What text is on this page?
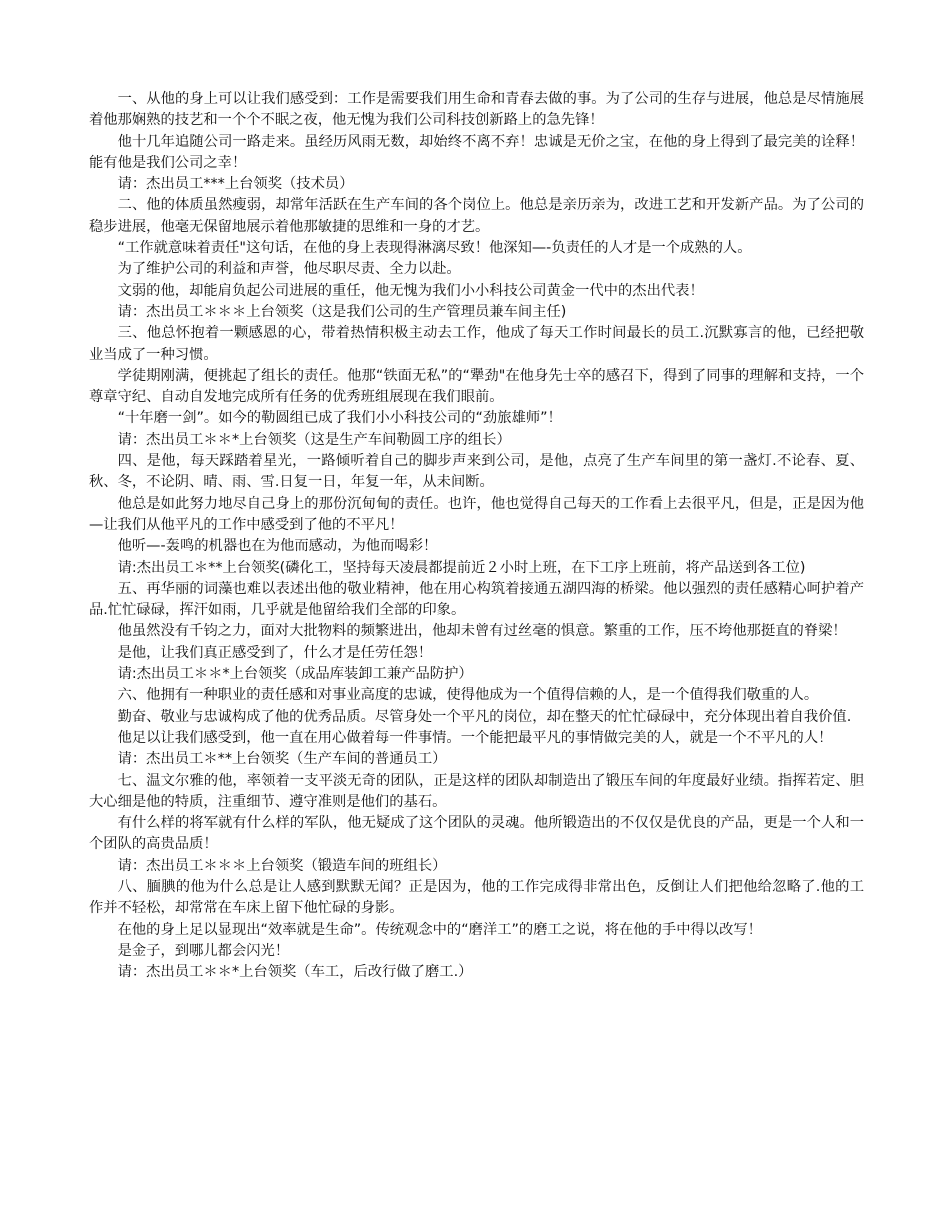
一、从他的身上可以让我们感受到：工作是需要我们用生命和青春去做的事。为了公司的生存与进展，他总是尽情施展着他那娴熟的技艺和一个个不眠之夜，他无愧为我们公司科技创新路上的急先锋！

他十几年追随公司一路走来。虽经历风雨无数，却始终不离不弃！忠诚是无价之宝，在他的身上得到了最完美的诠释！能有他是我们公司之幸！

请：杰出员工***上台领奖（技术员）

二、他的体质虽然瘦弱，却常年活跃在生产车间的各个岗位上。他总是亲历亲为，改进工艺和开发新产品。为了公司的稳步进展，他毫无保留地展示着他那敏捷的思维和一身的才艺。

“工作就意味着责任"这句话，在他的身上表现得淋漓尽致！他深知—-负责任的人才是一个成熟的人。

为了维护公司的利益和声誉，他尽职尽责、全力以赴。

文弱的他，却能肩负起公司进展的重任，他无愧为我们小小科技公司黄金一代中的杰出代表！

请：杰出员工＊＊＊上台领奖（这是我们公司的生产管理员兼车间主任)

三、他总怀抱着一颗感恩的心，带着热情积极主动去工作，他成了每天工作时间最长的员工.沉默寡言的他，已经把敬业当成了一种习惯。

学徒期刚满，便挑起了组长的责任。他那“铁面无私”的“犟劲"在他身先士卒的感召下，得到了同事的理解和支持，一个尊章守纪、自动自发地完成所有任务的优秀班组展现在我们眼前。

“十年磨一剑”。如今的勒圆组已成了我们小小科技公司的“劲旅雄师”！

请：杰出员工＊＊*上台领奖（这是生产车间勒圆工序的组长）

四、是他，每天踩踏着星光，一路倾听着自己的脚步声来到公司，是他，点亮了生产车间里的第一盏灯.不论春、夏、秋、冬，不论阴、晴、雨、雪.日复一日，年复一年，从未间断。

他总是如此努力地尽自己身上的那份沉甸甸的责任。也许，他也觉得自己每天的工作看上去很平凡，但是，正是因为他—让我们从他平凡的工作中感受到了他的不平凡！

他听—-轰鸣的机器也在为他而感动，为他而喝彩！

请:杰出员工＊**上台领奖(磷化工，坚持每天凌晨都提前近２小时上班，在下工序上班前，将产品送到各工位)

五、再华丽的词藻也难以表述出他的敬业精神，他在用心构筑着接通五湖四海的桥梁。他以强烈的责任感精心呵护着产品.忙忙碌碌，挥汗如雨，几乎就是他留给我们全部的印象。

他虽然没有千钧之力，面对大批物料的频繁进出，他却未曾有过丝毫的惧意。繁重的工作，压不垮他那挺直的脊梁！

是他，让我们真正感受到了，什么才是任劳任怨！

请:杰出员工＊＊*上台领奖（成品库装卸工兼产品防护）

六、他拥有一种职业的责任感和对事业高度的忠诚，使得他成为一个值得信赖的人，是一个值得我们敬重的人。

勤奋、敬业与忠诚构成了他的优秀品质。尽管身处一个平凡的岗位，却在整天的忙忙碌碌中，充分体现出着自我价值.

他足以让我们感受到，他一直在用心做着每一件事情。一个能把最平凡的事情做完美的人，就是一个不平凡的人！

请：杰出员工＊**上台领奖（生产车间的普通员工）

七、温文尔雅的他，率领着一支平淡无奇的团队，正是这样的团队却制造出了锻压车间的年度最好业绩。指挥若定、胆大心细是他的特质，注重细节、遵守准则是他们的基石。

有什么样的将军就有什么样的军队，他无疑成了这个团队的灵魂。他所锻造出的不仅仅是优良的产品，更是一个人和一个团队的高贵品质！

请：杰出员工＊＊＊上台领奖（锻造车间的班组长）

八、腼腆的他为什么总是让人感到默默无闻？正是因为，他的工作完成得非常出色，反倒让人们把他给忽略了.他的工作并不轻松，却常常在车床上留下他忙碌的身影。

在他的身上足以显现出“效率就是生命”。传统观念中的“磨洋工”的磨工之说，将在他的手中得以改写！

是金子，到哪儿都会闪光！

请：杰出员工＊＊*上台领奖（车工，后改行做了磨工.）
